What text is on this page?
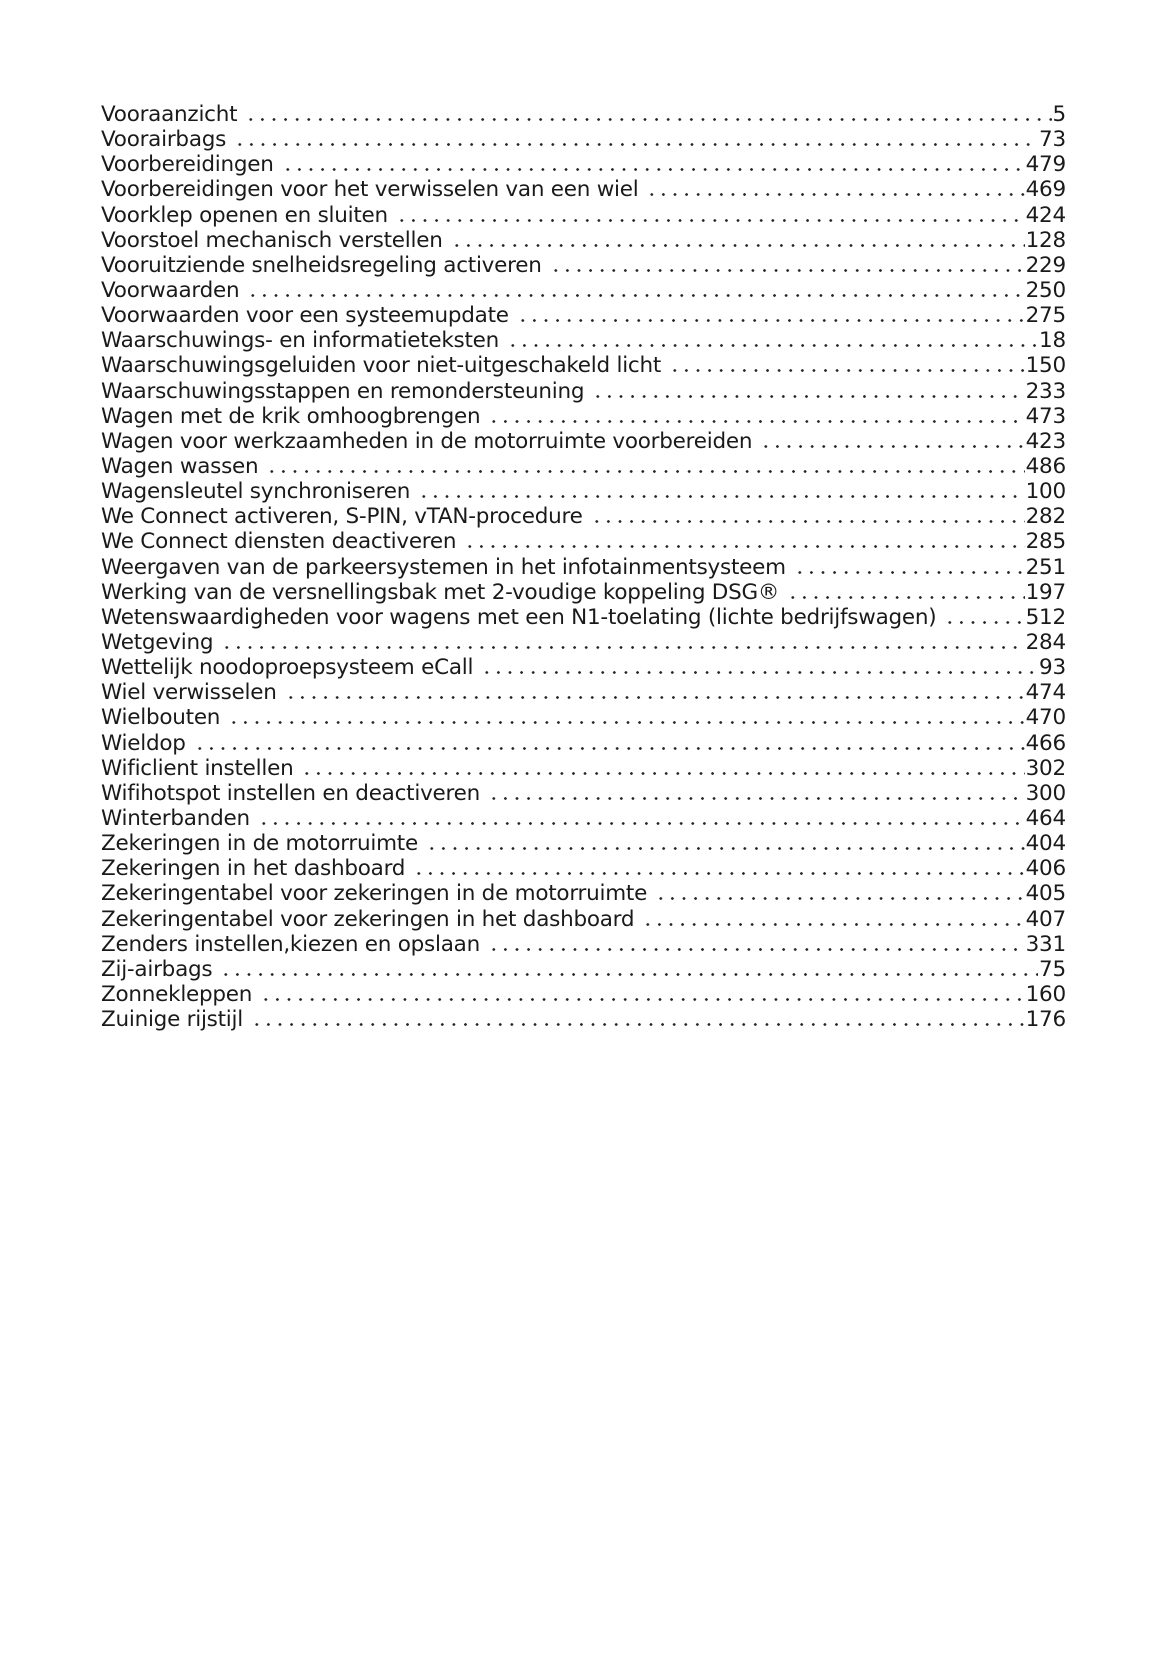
Vooraanzicht	5
Voorairbags	73
Voorbereidingen	479
Voorbereidingen voor het verwisselen van een wiel	469
Voorklep openen en sluiten	424
Voorstoel mechanisch verstellen	128
Vooruitziende snelheidsregeling activeren	229
Voorwaarden	250
Voorwaarden voor een systeemupdate	275
Waarschuwings- en informatieteksten	18
Waarschuwingsgeluiden voor niet-uitgeschakeld licht	150
Waarschuwingsstappen en remondersteuning	233
Wagen met de krik omhoogbrengen	473
Wagen voor werkzaamheden in de motorruimte voorbereiden	423
Wagen wassen	486
Wagensleutel synchroniseren	100
We Connect activeren, S-PIN, vTAN-procedure	282
We Connect diensten deactiveren	285
Weergaven van de parkeersystemen in het infotainmentsysteem	251
Werking van de versnellingsbak met 2-voudige koppeling DSG®	197
Wetenswaardigheden voor wagens met een N1-toelating (lichte bedrijfswagen)	512
Wetgeving	284
Wettelijk noodoproepsysteem eCall	93
Wiel verwisselen	474
Wielbouten	470
Wieldop	466
Wificlient instellen	302
Wifihotspot instellen en deactiveren	300
Winterbanden	464
Zekeringen in de motorruimte	404
Zekeringen in het dashboard	406
Zekeringentabel voor zekeringen in de motorruimte	405
Zekeringentabel voor zekeringen in het dashboard	407
Zenders instellen,kiezen en opslaan	331
Zij-airbags	75
Zonnekleppen	160
Zuinige rijstijl	176
